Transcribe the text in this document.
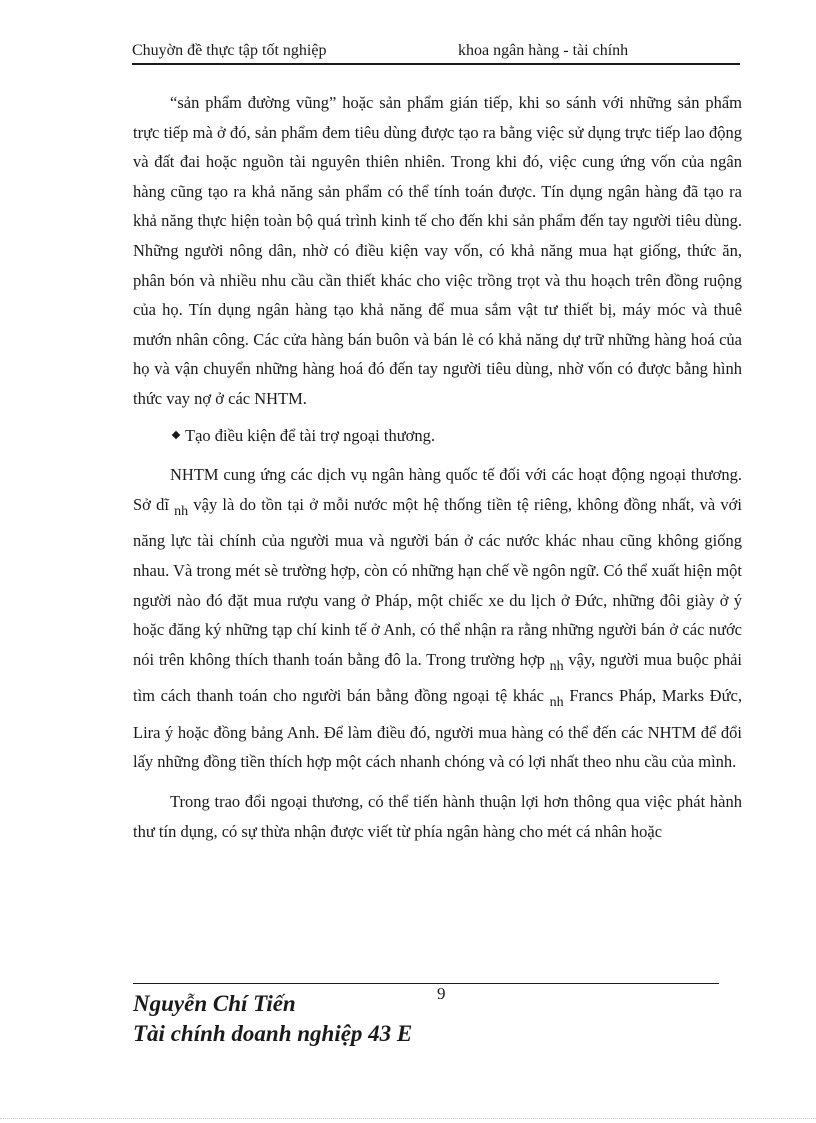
Chuyờn đề thực tập tốt nghiệp	khoa ngân hàng - tài chính

“sản phẩm đường vũng” hoặc sản phẩm gián tiếp, khi so sánh với những sản phẩm trực tiếp mà ở đó, sản phẩm đem tiêu dùng được tạo ra bằng việc sử dụng trực tiếp lao động và đất đai hoặc nguồn tài nguyên thiên nhiên. Trong khi đó, việc cung ứng vốn của ngân hàng cũng tạo ra khả năng sản phẩm có thể tính toán được. Tín dụng ngân hàng đã tạo ra khả năng thực hiện toàn bộ quá trình kinh tế cho đến khi sản phẩm đến tay người tiêu dùng. Những người nông dân, nhờ có điều kiện vay vốn, có khả năng mua hạt giống, thức ăn, phân bón và nhiều nhu cầu cần thiết khác cho việc trồng trọt và thu hoạch trên đồng ruộng của họ. Tín dụng ngân hàng tạo khả năng để mua sắm vật tư thiết bị, máy móc và thuê mướn nhân công. Các cửa hàng bán buôn và bán lẻ có khả năng dự trữ những hàng hoá của họ và vận chuyển những hàng hoá đó đến tay người tiêu dùng, nhờ vốn có được bằng hình thức vay nợ ở các NHTM.

Tạo điều kiện để tài trợ ngoại thương.

NHTM cung ứng các dịch vụ ngân hàng quốc tế đối với các hoạt động ngoại thương. Sở dĩ $_{nh}$ vậy là do tồn tại ở mỗi nước một hệ thống tiền tệ riêng, không đồng nhất, và với năng lực tài chính của người mua và người bán ở các nước khác nhau cũng không giống nhau. Và trong mét sè trường hợp, còn có những hạn chế về ngôn ngữ. Có thể xuất hiện một người nào đó đặt mua rượu vang ở Pháp, một chiếc xe du lịch ở Đức, những đôi giày ở ý hoặc đăng ký những tạp chí kinh tế ở Anh, có thể nhận ra rằng những người bán ở các nước nói trên không thích thanh toán bằng đô la. Trong trường hợp $_{nh}$ vậy, người mua buộc phải tìm cách thanh toán cho người bán bằng đồng ngoại tệ khác $_{nh}$ Francs Pháp, Marks Đức, Lira ý hoặc đồng bảng Anh. Để làm điều đó, người mua hàng có thể đến các NHTM để đổi lấy những đồng tiền thích hợp một cách nhanh chóng và có lợi nhất theo nhu cầu của mình.

Trong trao đổi ngoại thương, có thể tiến hành thuận lợi hơn thông qua việc phát hành thư tín dụng, có sự thừa nhận được viết từ phía ngân hàng cho mét cá nhân hoặc

9
Nguyễn Chí Tiến
Tài chính doanh nghiệp 43 E
